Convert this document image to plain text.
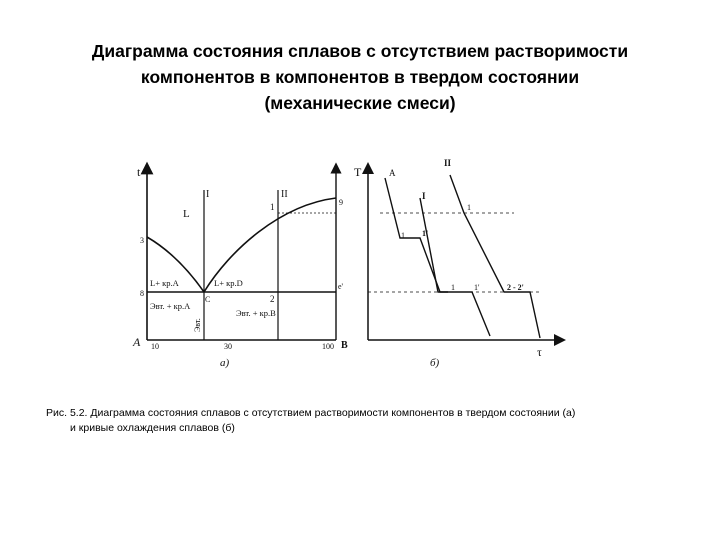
Диаграмма состояния сплавов с отсутствием растворимости
компонентов в компонентов в твердом состоянии
(механические смеси)
t
A	B
10	30	100
a)
I	II
L
L+ кр.A	L+ кр.D
Эвт. + кр.A
Эвт. + кр.B
Эвт.
3
8
9
e'
C
1
2
T
τ
б)
A
I
II
1 1'
1 1'
1
2 - 2'
Рис. 5.2. Диаграмма состояния сплавов с отсутствием растворимости компонентов в твердом состоянии (а)
и кривые охлаждения сплавов (б)
